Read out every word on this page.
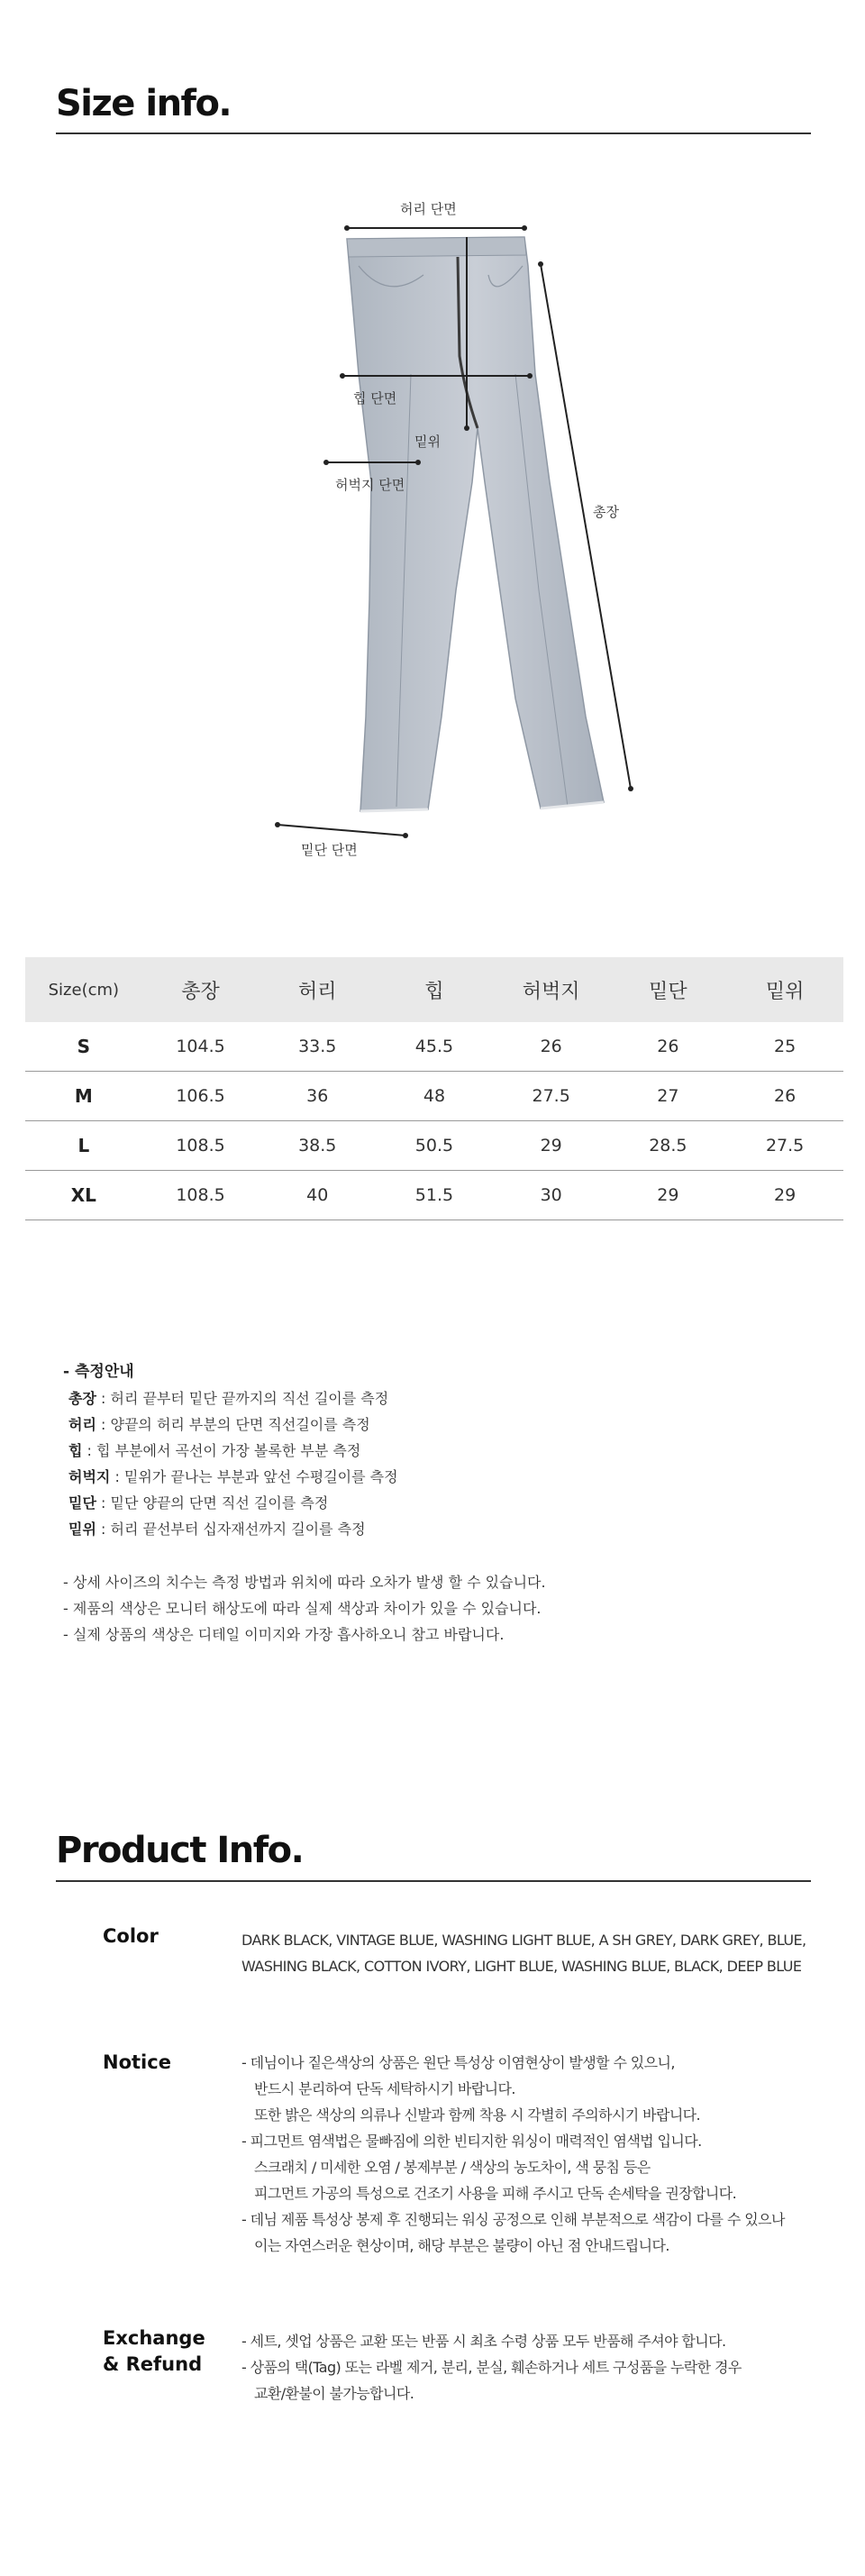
Size info.
허리 단면
힙 단면
밑위
허벅지 단면
총장
밑단 단면
Size(cm)	총장	허리	힙	허벅지	밑단	밑위
S	104.5	33.5	45.5	26	26	25
M	106.5	36	48	27.5	27	26
L	108.5	38.5	50.5	29	28.5	27.5
XL	108.5	40	51.5	30	29	29
- 측정안내
총장 : 허리 끝부터 밑단 끝까지의 직선 길이를 측정
허리 : 양끝의 허리 부분의 단면 직선길이를 측정
힙 : 힙 부분에서 곡선이 가장 볼록한 부분 측정
허벅지 : 밑위가 끝나는 부분과 앞선 수평길이를 측정
밑단 : 밑단 양끝의 단면 직선 길이를 측정
밑위 : 허리 끝선부터 십자재선까지 길이를 측정
- 상세 사이즈의 치수는 측정 방법과 위치에 따라 오차가 발생 할 수 있습니다.
- 제품의 색상은 모니터 해상도에 따라 실제 색상과 차이가 있을 수 있습니다.
- 실제 상품의 색상은 디테일 이미지와 가장 흡사하오니 참고 바랍니다.
Product Info.
Color	DARK BLACK, VINTAGE BLUE, WASHING LIGHT BLUE, A SH GREY, DARK GREY, BLUE,
WASHING BLACK, COTTON IVORY, LIGHT BLUE, WASHING BLUE, BLACK, DEEP BLUE
Notice	- 데님이나 짙은색상의 상품은 원단 특성상 이염현상이 발생할 수 있으니,
반드시 분리하여 단독 세탁하시기 바랍니다.
또한 밝은 색상의 의류나 신발과 함께 착용 시 각별히 주의하시기 바랍니다.
- 피그먼트 염색법은 물빠짐에 의한 빈티지한 워싱이 매력적인 염색법 입니다.
스크래치 / 미세한 오염 / 봉제부분 / 색상의 농도차이, 색 뭉침 등은
피그먼트 가공의 특성으로 건조기 사용을 피해 주시고 단독 손세탁을 권장합니다.
- 데님 제품 특성상 봉제 후 진행되는 워싱 공정으로 인해 부분적으로 색감이 다를 수 있으나
이는 자연스러운 현상이며, 해당 부분은 불량이 아닌 점 안내드립니다.
Exchange
& Refund
- 세트, 셋업 상품은 교환 또는 반품 시 최초 수령 상품 모두 반품해 주셔야 합니다.
- 상품의 택(Tag) 또는 라벨 제거, 분리, 분실, 훼손하거나 세트 구성품을 누락한 경우
교환/환불이 불가능합니다.
